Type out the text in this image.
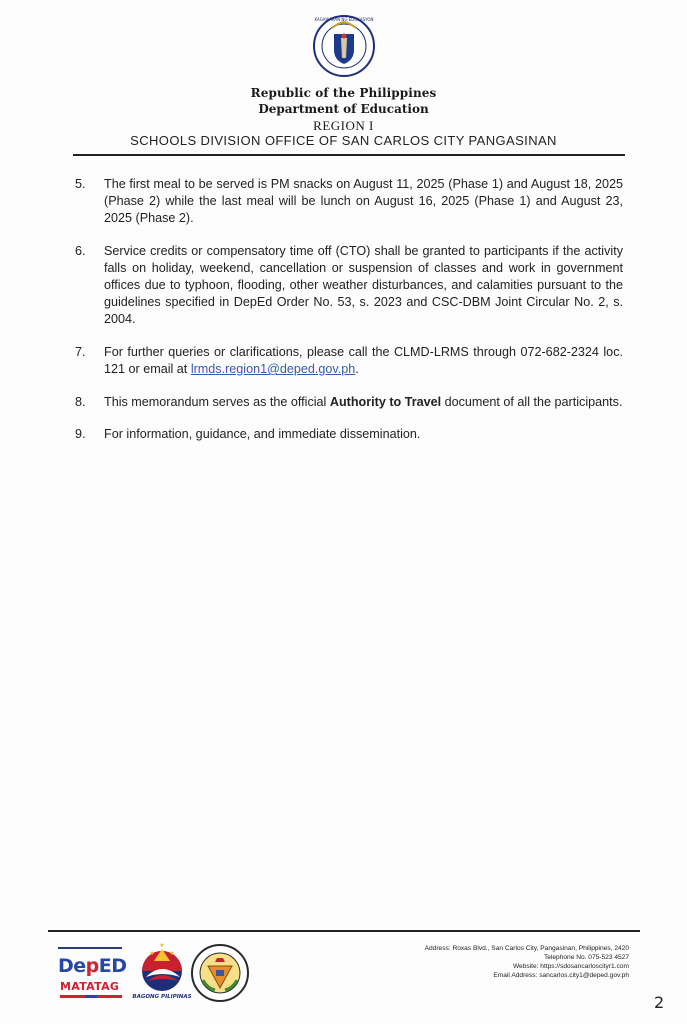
KAGAWARAN NG EDUKASYON
Republic of the Philippines
Department of Education
REGION I
SCHOOLS DIVISION OFFICE OF SAN CARLOS CITY PANGASINAN
5. The first meal to be served is PM snacks on August 11, 2025 (Phase 1) and August 18, 2025 (Phase 2) while the last meal will be lunch on August 16, 2025 (Phase 1) and August 23, 2025 (Phase 2).
6. Service credits or compensatory time off (CTO) shall be granted to participants if the activity falls on holiday, weekend, cancellation or suspension of classes and work in government offices due to typhoon, flooding, other weather disturbances, and calamities pursuant to the guidelines specified in DepEd Order No. 53, s. 2023 and CSC-DBM Joint Circular No. 2, s. 2004.
7. For further queries or clarifications, please call the CLMD-LRMS through 072-682-2324 loc. 121 or email at lrmds.region1@deped.gov.ph.
8. This memorandum serves as the official Authority to Travel document of all the participants.
9. For information, guidance, and immediate dissemination.
DepED
MATATAG
BAGONG PILIPINAS
Address: Roxas Blvd., San Carlos City, Pangasinan, Philippines, 2420
Telephone No. 075-523 4527
Website: https://sdosancarloscityr1.com
Email Address: sancarlos.city1@deped.gov.ph
2
